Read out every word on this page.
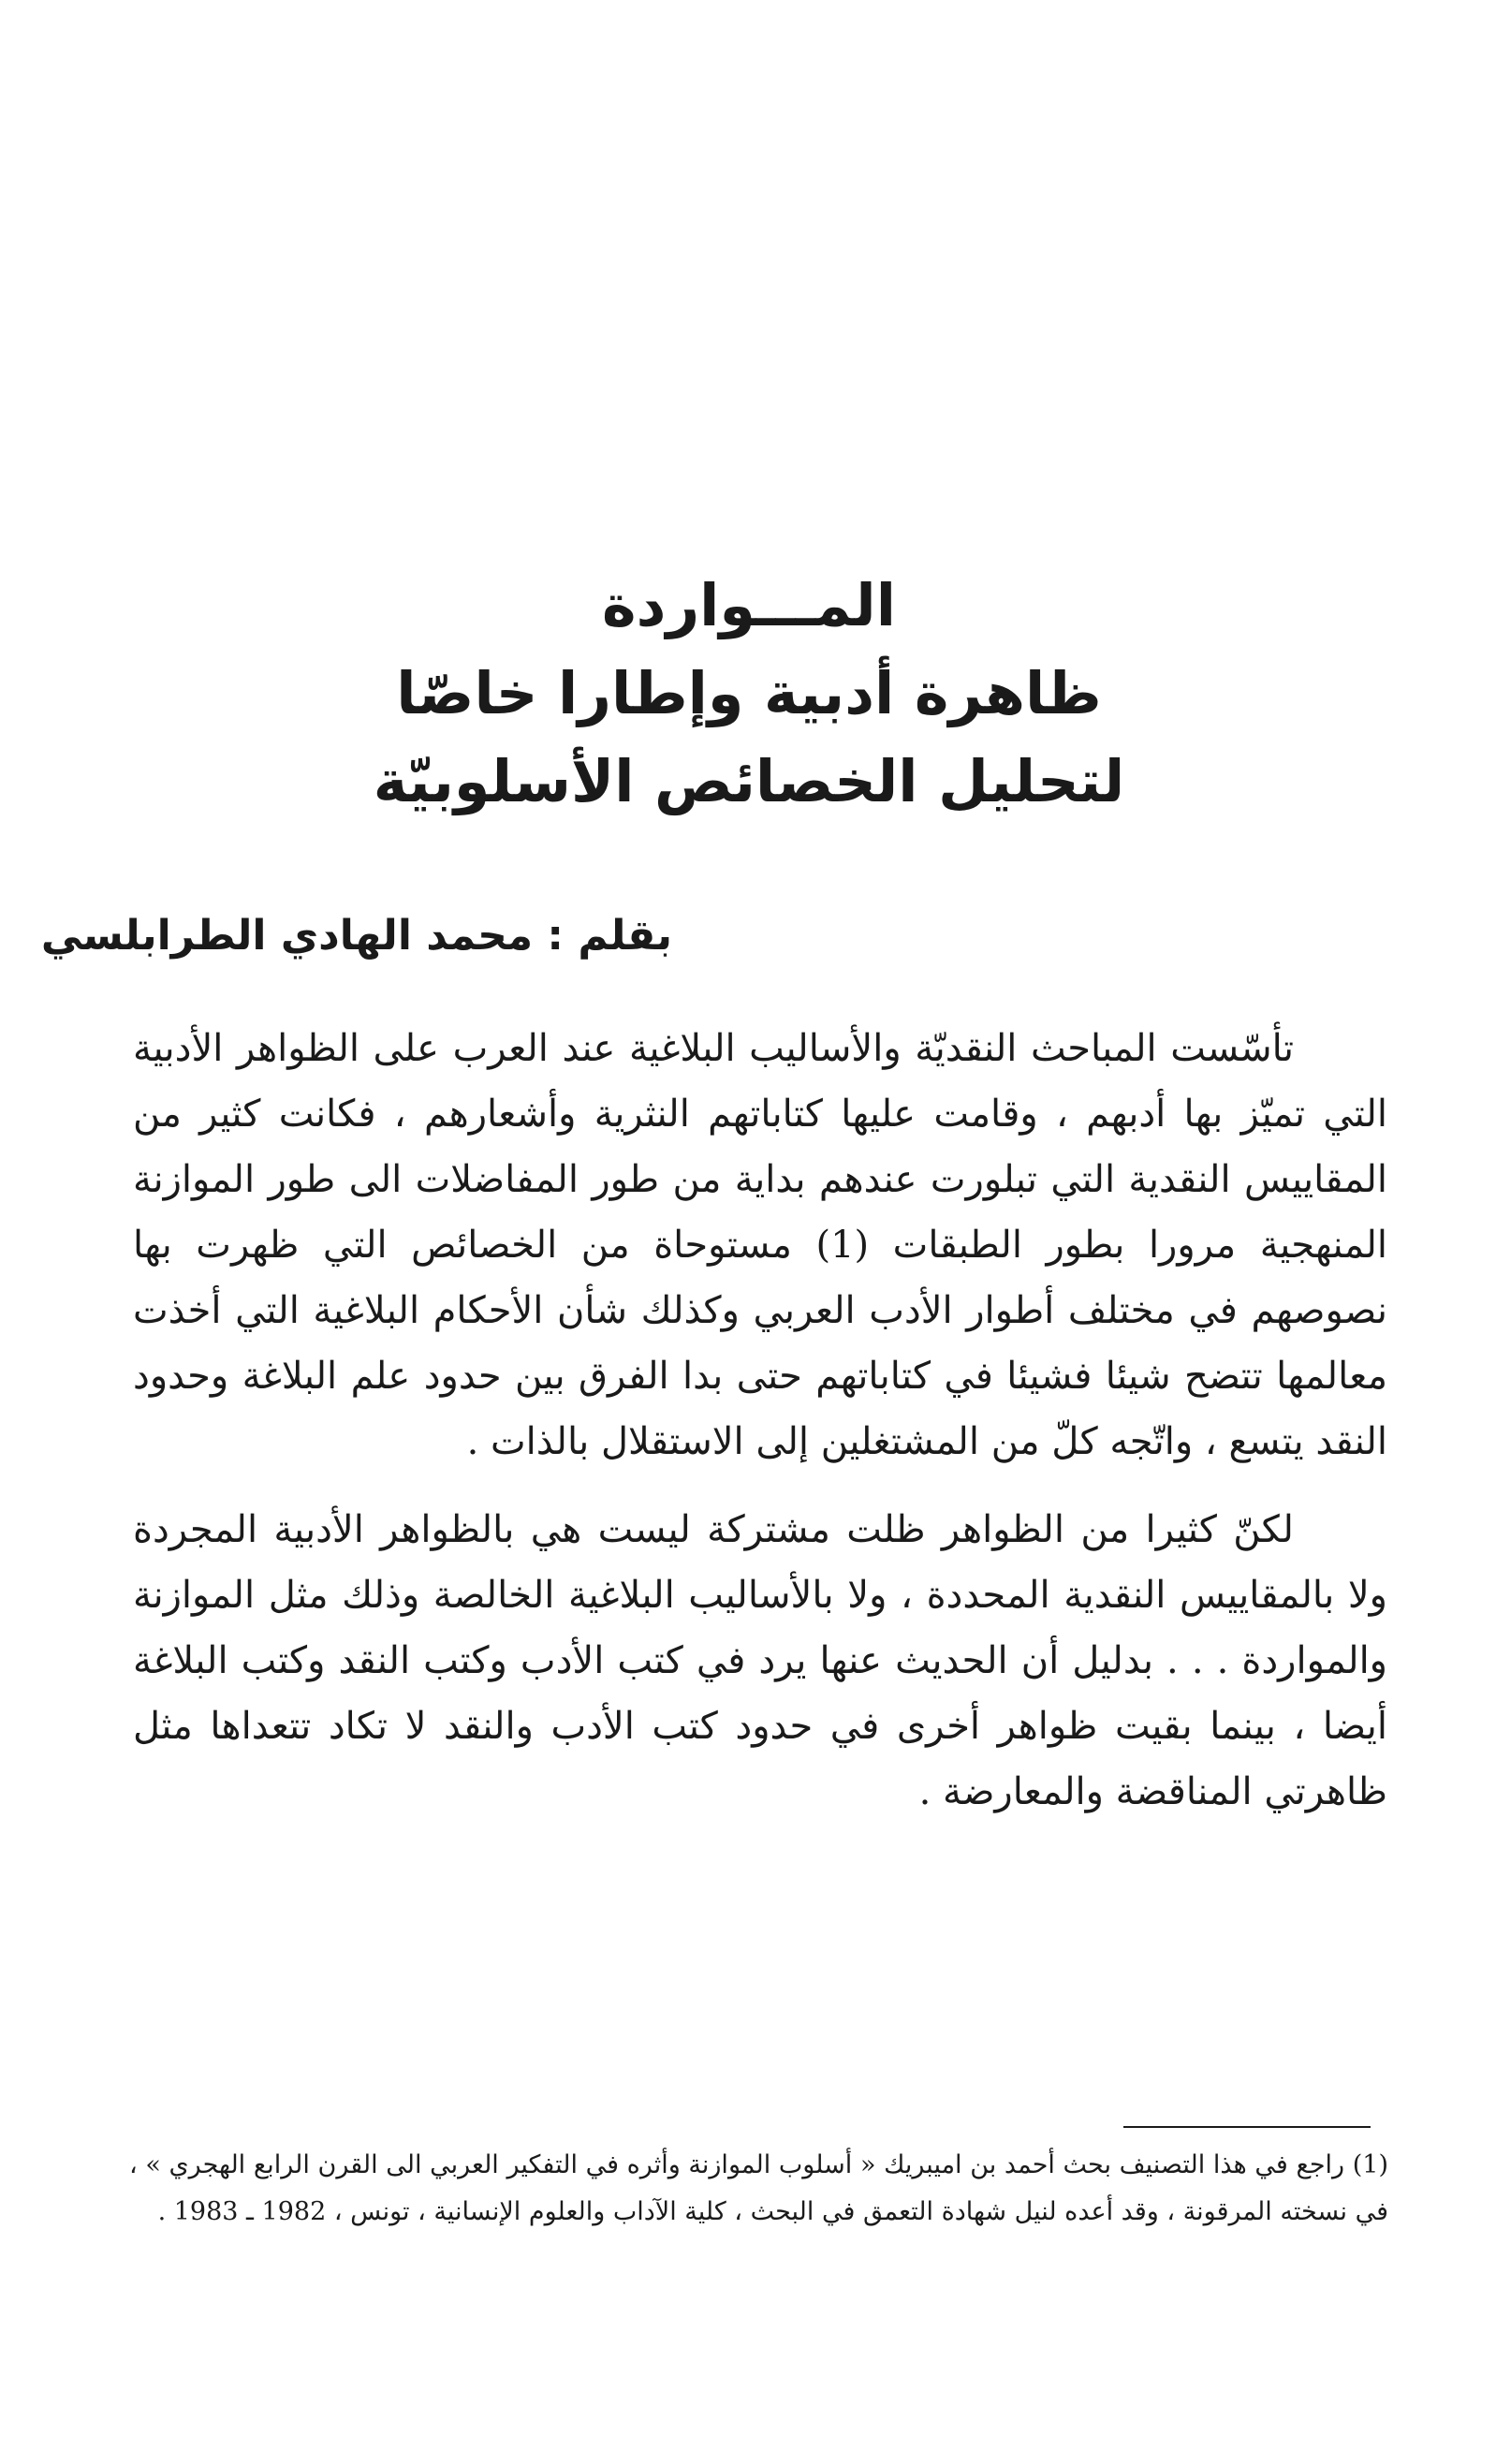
المـــواردة
ظاهرة أدبية وإطارا خاصّا
لتحليل الخصائص الأسلوبيّة
بقلم : محمد الهادي الطرابلسي

تأسّست المباحث النقديّة والأساليب البلاغية عند العرب على الظواهر الأدبية التي تميّز بها أدبهم ، وقامت عليها كتاباتهم النثرية وأشعارهم ، فكانت كثير من المقاييس النقدية التي تبلورت عندهم بداية من طور المفاضلات الى طور الموازنة المنهجية مرورا بطور الطبقات (1) مستوحاة من الخصائص التي ظهرت بها نصوصهم في مختلف أطوار الأدب العربي وكذلك شأن الأحكام البلاغية التي أخذت معالمها تتضح شيئا فشيئا في كتاباتهم حتى بدا الفرق بين حدود علم البلاغة وحدود النقد يتسع ، واتّجه كلّ من المشتغلين إلى الاستقلال بالذات .

لكنّ كثيرا من الظواهر ظلت مشتركة ليست هي بالظواهر الأدبية المجردة ولا بالمقاييس النقدية المحددة ، ولا بالأساليب البلاغية الخالصة وذلك مثل الموازنة والمواردة . . . بدليل أن الحديث عنها يرد في كتب الأدب وكتب النقد وكتب البلاغة أيضا ، بينما بقيت ظواهر أخرى في حدود كتب الأدب والنقد لا تكاد تتعداها مثل ظاهرتي المناقضة والمعارضة .

(1) راجع في هذا التصنيف بحث أحمد بن اميبريك « أسلوب الموازنة وأثره في التفكير العربي الى القرن الرابع الهجري » ، في نسخته المرقونة ، وقد أعده لنيل شهادة التعمق في البحث ، كلية الآداب والعلوم الإنسانية ، تونس ، 1982 ـ 1983 .
